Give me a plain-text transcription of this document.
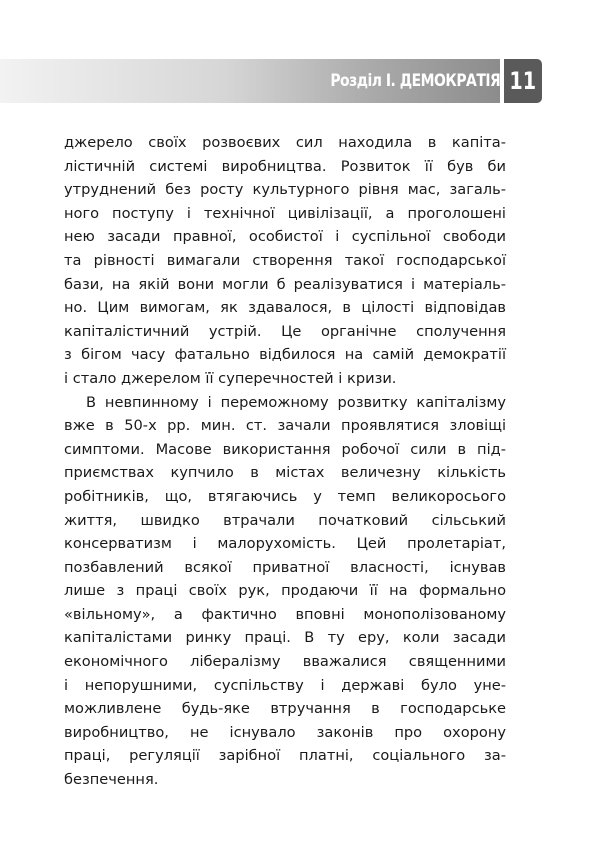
Розділ І. ДЕМОКРАТІЯ 11
джерело своїх розвоєвих сил находила в капіта-
лістичній системі виробництва. Розвиток її був би
утруднений без росту культурного рівня мас, загаль-
ного поступу і технічної цивілізації, а проголошені
нею засади правної, особистої і суспільної свободи
та рівності вимагали створення такої господарської
бази, на якій вони могли б реалізуватися і матеріаль-
но. Цим вимогам, як здавалося, в цілості відповідав
капіталістичний устрій. Це органічне сполучення
з бігом часу фатально відбилося на самій демократії
і стало джерелом її суперечностей і кризи.
В невпинному і переможному розвитку капіталізму
вже в 50-х рр. мин. ст. зачали проявлятися зловіщі
симптоми. Масове використання робочої сили в під-
приємствах купчило в містах величезну кількість
робітників, що, втягаючись у темп великоросього
життя, швидко втрачали початковий сільський
консерватизм і малорухомість. Цей пролетаріат,
позбавлений всякої приватної власності, існував
лише з праці своїх рук, продаючи її на формально
«вільному», а фактично вповні монополізованому
капіталістами ринку праці. В ту еру, коли засади
економічного лібералізму вважалися священними
і непорушними, суспільству і державі було уне-
можливлене будь-яке втручання в господарське
виробництво, не існувало законів про охорону
праці, регуляції зарібної платні, соціального за-
безпечення.
